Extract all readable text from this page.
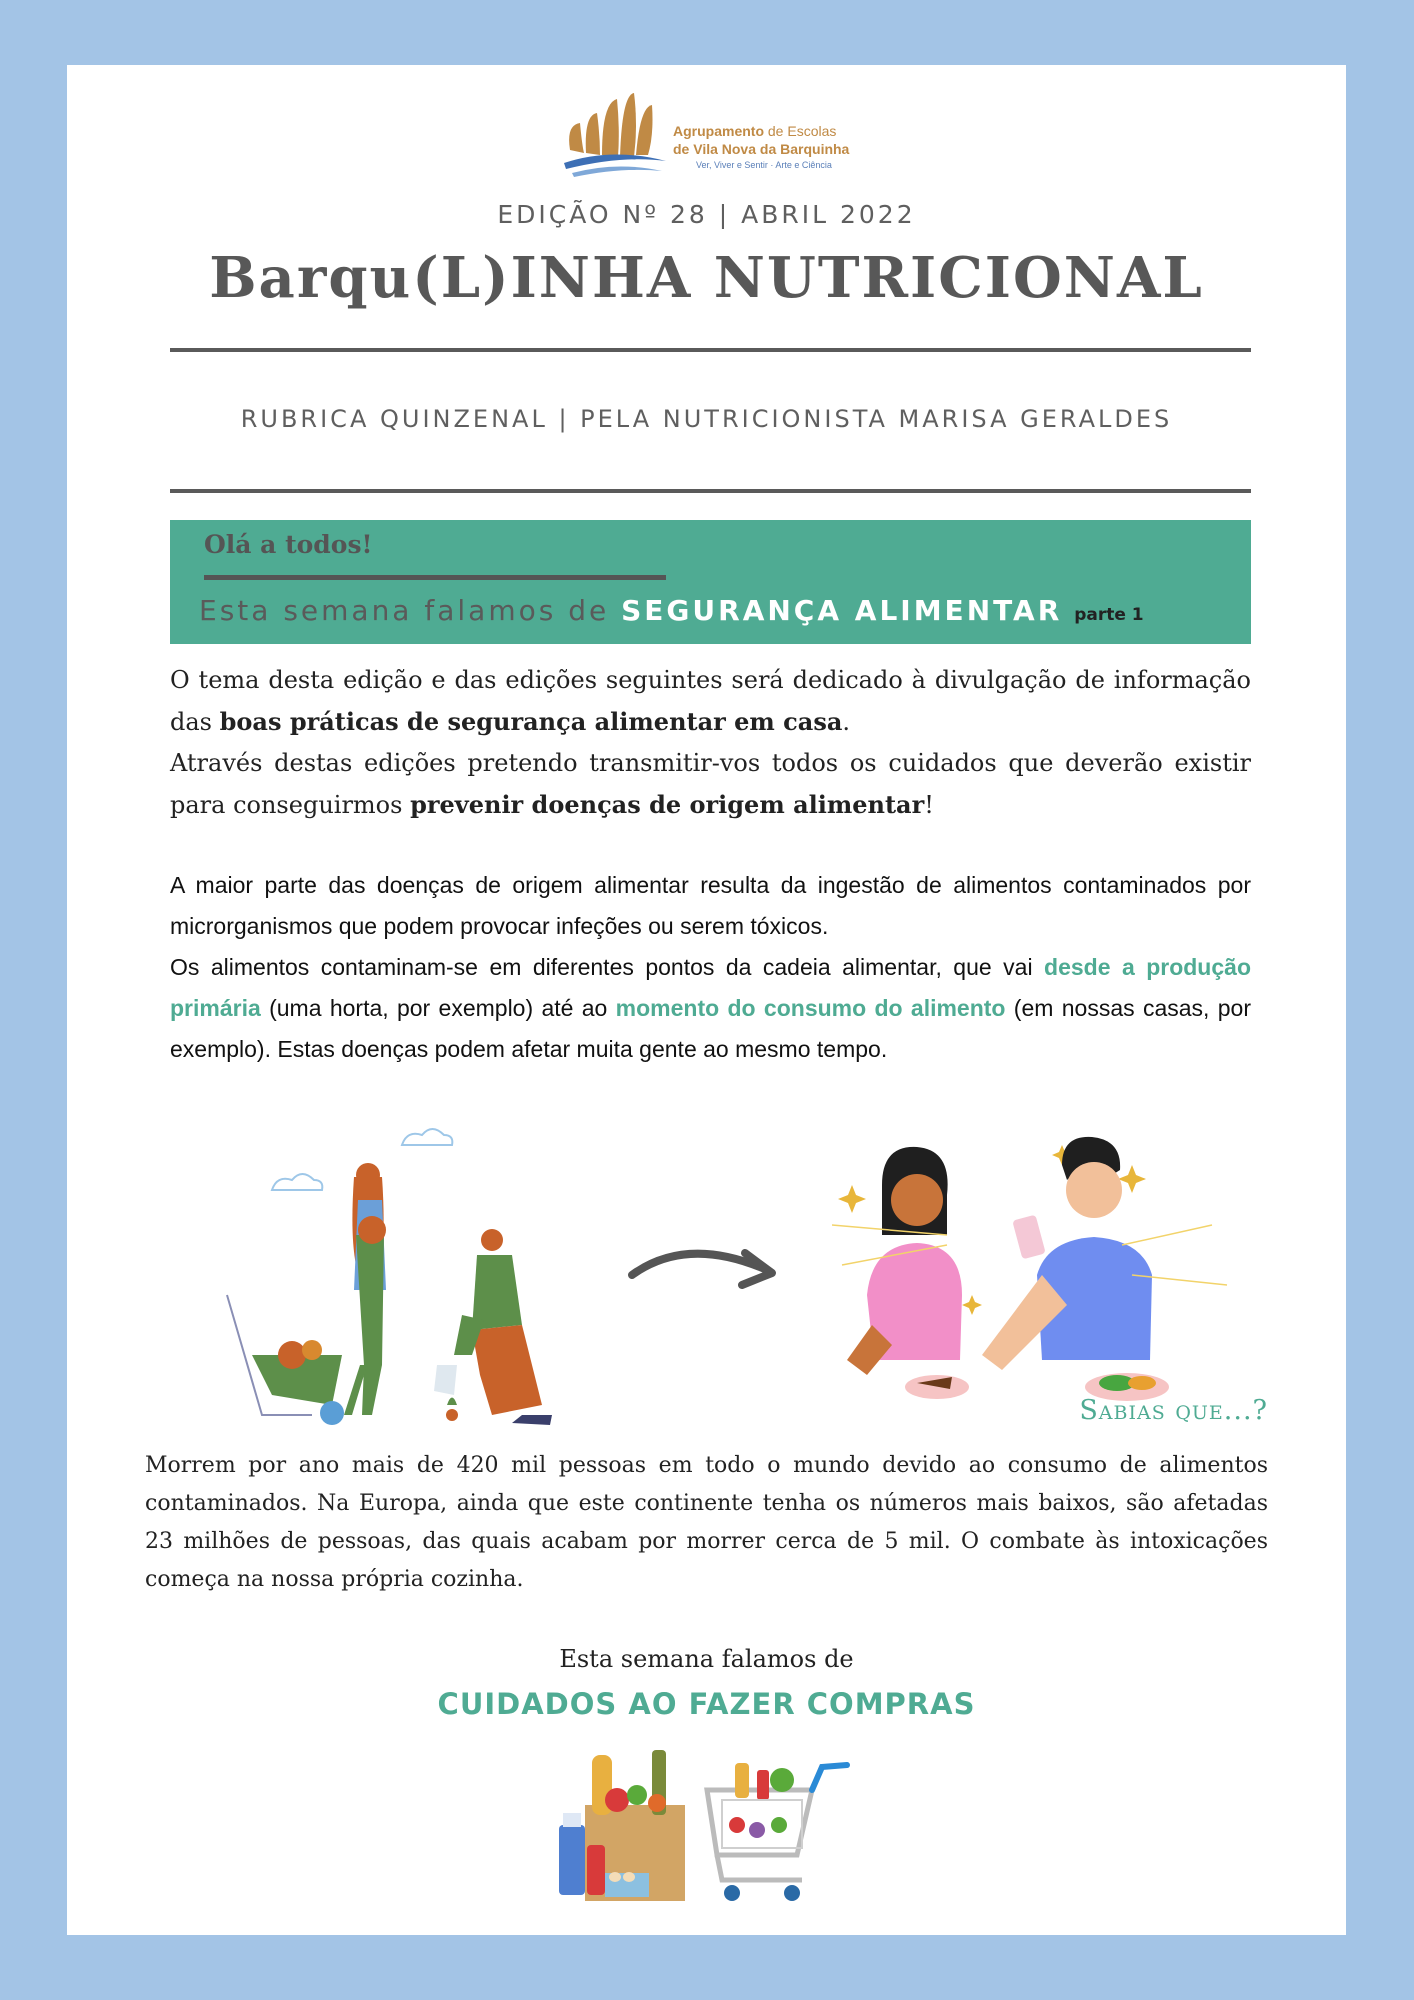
Agrupamento de Escolas
de Vila Nova da Barquinha
Ver, Viver e Sentir · Arte e Ciência
EDIÇÃO Nº 28 | ABRIL 2022
Barqu(L)INHA NUTRICIONAL
RUBRICA QUINZENAL | PELA NUTRICIONISTA MARISA GERALDES
Olá a todos!
Esta semana falamos de SEGURANÇA ALIMENTAR parte 1

O tema desta edição e das edições seguintes será dedicado à divulgação de informação das boas práticas de segurança alimentar em casa.

Através destas edições pretendo transmitir-vos todos os cuidados que deverão existir para conseguirmos prevenir doenças de origem alimentar!

A maior parte das doenças de origem alimentar resulta da ingestão de alimentos contaminados por microrganismos que podem provocar infeções ou serem tóxicos.

Os alimentos contaminam-se em diferentes pontos da cadeia alimentar, que vai desde a produção primária (uma horta, por exemplo) até ao momento do consumo do alimento (em nossas casas, por exemplo). Estas doenças podem afetar muita gente ao mesmo tempo.

Sabias que...?

Morrem por ano mais de 420 mil pessoas em todo o mundo devido ao consumo de alimentos contaminados. Na Europa, ainda que este continente tenha os números mais baixos, são afetadas 23 milhões de pessoas, das quais acabam por morrer cerca de 5 mil. O combate às intoxicações começa na nossa própria cozinha.

Esta semana falamos de
CUIDADOS AO FAZER COMPRAS
